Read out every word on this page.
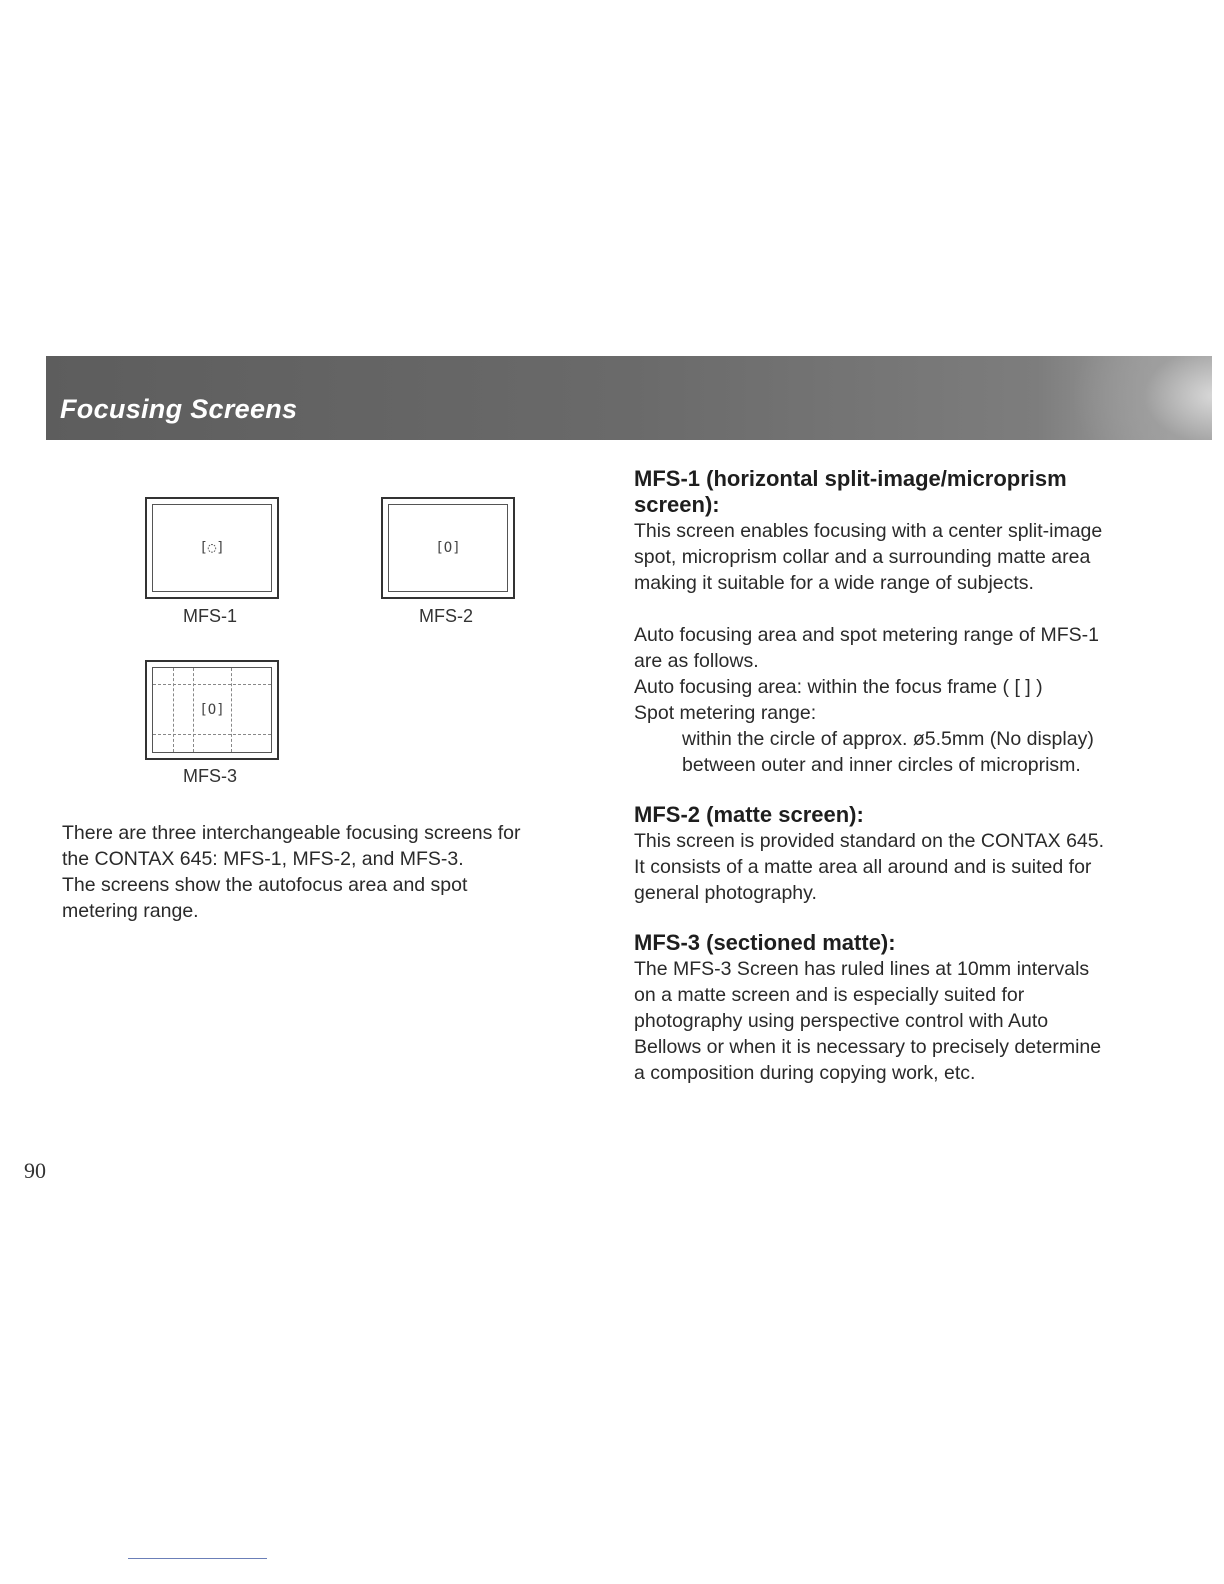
Focusing Screens
[◌]
MFS-1
[O]
MFS-2
[O]
MFS-3
There are three interchangeable focusing screens for
the CONTAX 645: MFS-1, MFS-2, and MFS-3.
The screens show the autofocus area and spot
metering range.
MFS-1 (horizontal split-image/microprism
screen):
This screen enables focusing with a center split-image
spot, microprism collar and a surrounding matte area
making it suitable for a wide range of subjects.
Auto focusing area and spot metering range of MFS-1
are as follows.
Auto focusing area: within the focus frame ( [ ] )
Spot metering range:
within the circle of approx. ø5.5mm (No display)
between outer and inner circles of microprism.
MFS-2 (matte screen):
This screen is provided standard on the CONTAX 645.
It consists of a matte area all around and is suited for
general photography.
MFS-3 (sectioned matte):
The MFS-3 Screen has ruled lines at 10mm intervals
on a matte screen and is especially suited for
photography using perspective control with Auto
Bellows or when it is necessary to precisely determine
a composition during copying work, etc.
90
